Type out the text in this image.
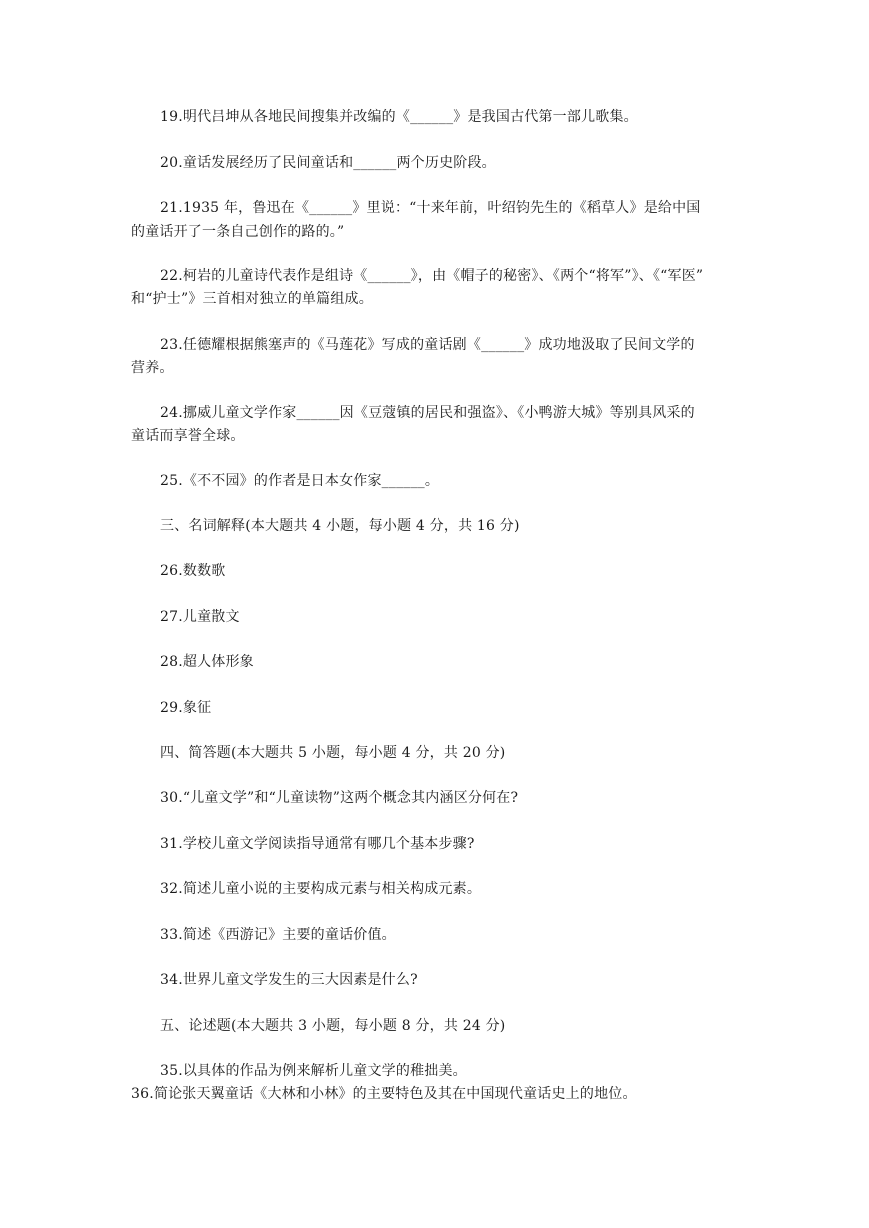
19.明代吕坤从各地民间搜集并改编的《______》是我国古代第一部儿歌集。
20.童话发展经历了民间童话和______两个历史阶段。
21.1935 年，鲁迅在《______》里说：“十来年前，叶绍钧先生的《稻草人》是给中国
的童话开了一条自己创作的路的。”
22.柯岩的儿童诗代表作是组诗《______》，由《帽子的秘密》、《两个“将军”》、《“军医”
和“护士”》三首相对独立的单篇组成。
23.任德耀根据熊塞声的《马莲花》写成的童话剧《______》成功地汲取了民间文学的
营养。
24.挪威儿童文学作家______因《豆蔻镇的居民和强盗》、《小鸭游大城》等别具风采的
童话而享誉全球。
25.《不不园》的作者是日本女作家______。
三、名词解释(本大题共 4 小题，每小题 4 分，共 16 分)
26.数数歌
27.儿童散文
28.超人体形象
29.象征
四、简答题(本大题共 5 小题，每小题 4 分，共 20 分)
30.“儿童文学”和“儿童读物”这两个概念其内涵区分何在?
31.学校儿童文学阅读指导通常有哪几个基本步骤?
32.简述儿童小说的主要构成元素与相关构成元素。
33.简述《西游记》主要的童话价值。
34.世界儿童文学发生的三大因素是什么?
五、论述题(本大题共 3 小题，每小题 8 分，共 24 分)
35.以具体的作品为例来解析儿童文学的稚拙美。
36.简论张天翼童话《大林和小林》的主要特色及其在中国现代童话史上的地位。
